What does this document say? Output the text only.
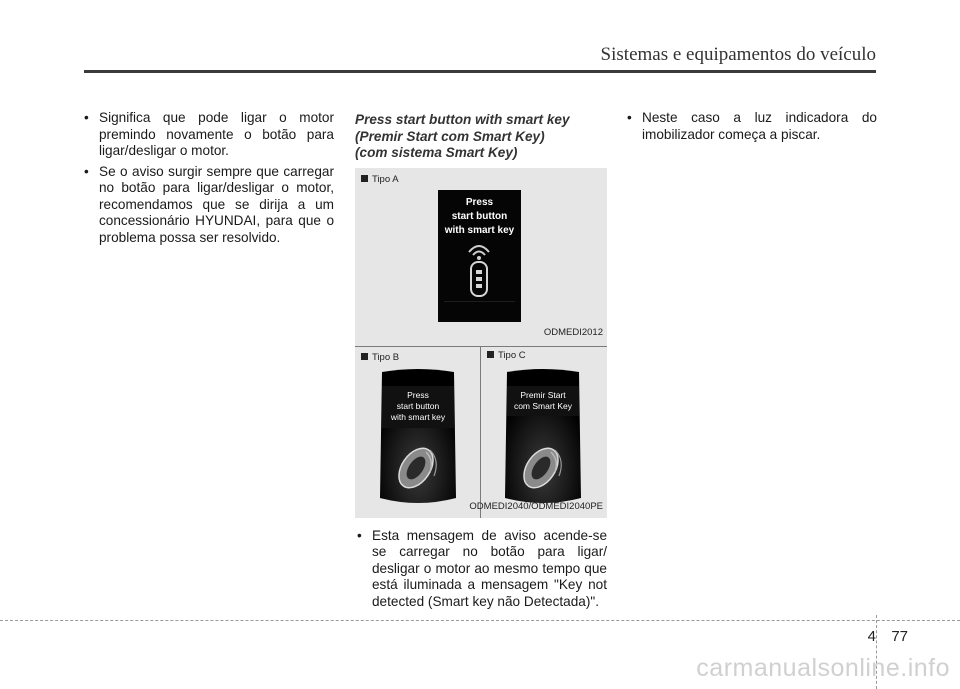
Sistemas e equipamentos do veículo
• Significa que pode ligar o motor premindo novamente o botão para ligar/desligar o motor.
• Se o aviso surgir sempre que carregar no botão para ligar/desligar o motor, recomendamos que se dirija a um concessionário HYUNDAI, para que o problema possa ser resolvido.
Press start button with smart key
(Premir Start com Smart Key)
(com sistema Smart Key)
Tipo A
Press
start button
with smart key
ODMEDI2012
Tipo B
Press
start button
with smart key
Tipo C
Premir Start
com Smart Key
ODMEDI2040/ODMEDI2040PE
• Esta mensagem de aviso acende-se se carregar no botão para ligar/ desligar o motor ao mesmo tempo que está iluminada a mensagem "Key not detected (Smart key não Detectada)".
• Neste caso a luz indicadora do imobilizador começa a piscar.
4 77
carmanualsonline.info
